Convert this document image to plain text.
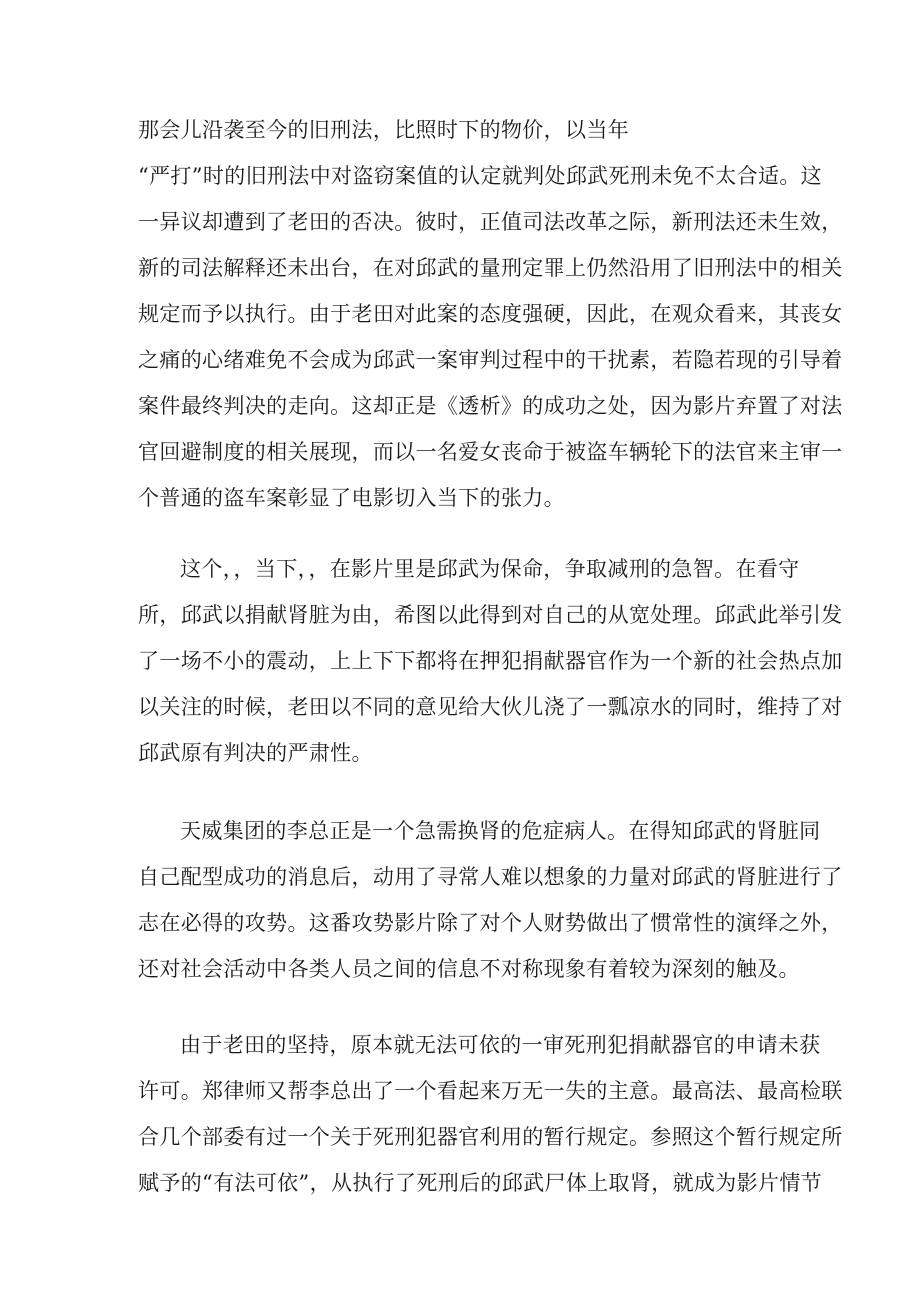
那会儿沿袭至今的旧刑法，比照时下的物价，以当年
“严打”时的旧刑法中对盗窃案值的认定就判处邱武死刑未免不太合适。这
一异议却遭到了老田的否决。彼时，正值司法改革之际，新刑法还未生效，
新的司法解释还未出台，在对邱武的量刑定罪上仍然沿用了旧刑法中的相关
规定而予以执行。由于老田对此案的态度强硬，因此，在观众看来，其丧女
之痛的心绪难免不会成为邱武一案审判过程中的干扰素，若隐若现的引导着
案件最终判决的走向。这却正是《透析》的成功之处，因为影片弃置了对法
官回避制度的相关展现，而以一名爱女丧命于被盗车辆轮下的法官来主审一
个普通的盗车案彰显了电影切入当下的张力。
这个，，当下，，在影片里是邱武为保命，争取减刑的急智。在看守
所，邱武以捐献肾脏为由，希图以此得到对自己的从宽处理。邱武此举引发
了一场不小的震动，上上下下都将在押犯捐献器官作为一个新的社会热点加
以关注的时候，老田以不同的意见给大伙儿浇了一瓢凉水的同时，维持了对
邱武原有判决的严肃性。
天威集团的李总正是一个急需换肾的危症病人。在得知邱武的肾脏同
自己配型成功的消息后，动用了寻常人难以想象的力量对邱武的肾脏进行了
志在必得的攻势。这番攻势影片除了对个人财势做出了惯常性的演绎之外，
还对社会活动中各类人员之间的信息不对称现象有着较为深刻的触及。
由于老田的坚持，原本就无法可依的一审死刑犯捐献器官的申请未获
许可。郑律师又帮李总出了一个看起来万无一失的主意。最高法、最高检联
合几个部委有过一个关于死刑犯器官利用的暂行规定。参照这个暂行规定所
赋予的“有法可依”，从执行了死刑后的邱武尸体上取肾，就成为影片情节
